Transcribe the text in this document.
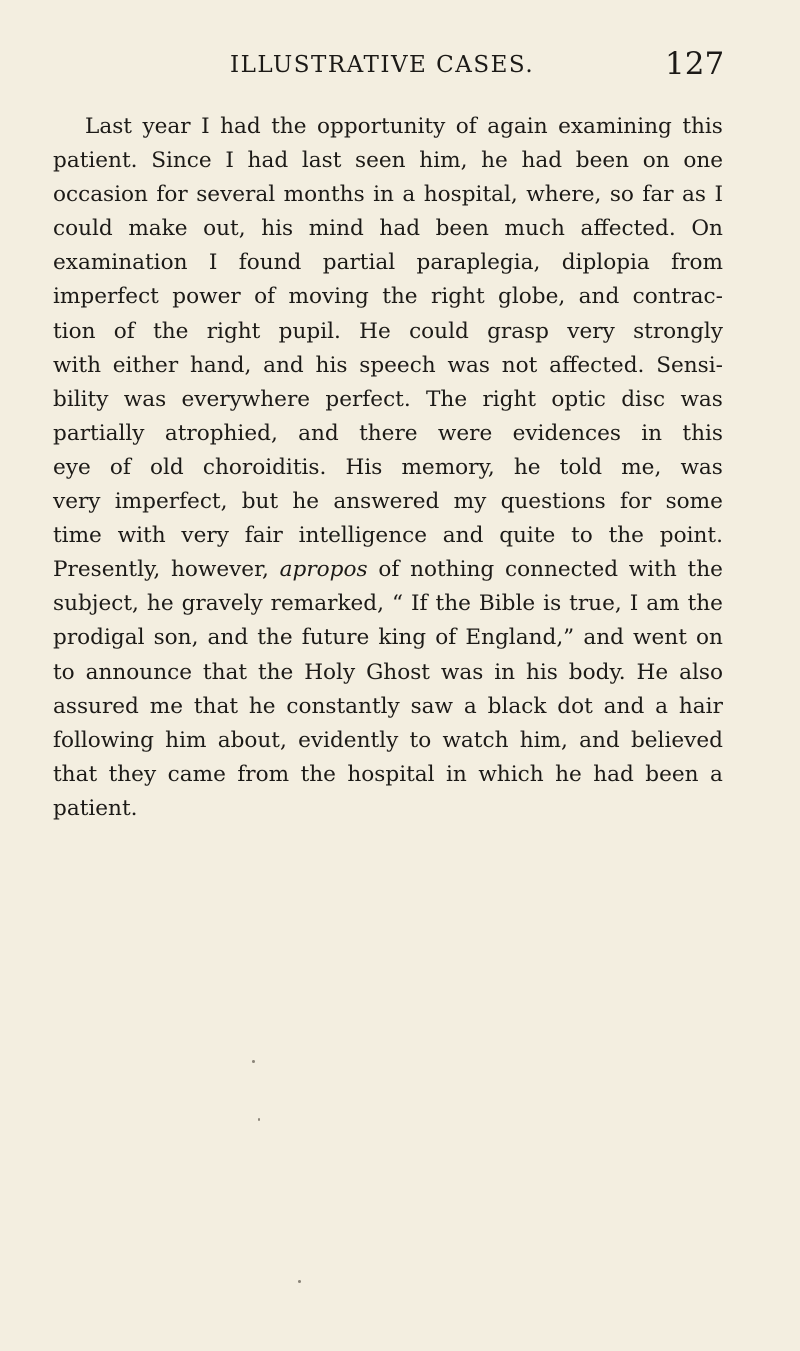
ILLUSTRATIVE CASES.	127
Last year I had the opportunity of again examining this
patient. Since I had last seen him, he had been on one
occasion for several months in a hospital, where, so far as I
could make out, his mind had been much affected. On
examination I found partial paraplegia, diplopia from
imperfect power of moving the right globe, and contrac-
tion of the right pupil. He could grasp very strongly
with either hand, and his speech was not affected. Sensi-
bility was everywhere perfect. The right optic disc was
partially atrophied, and there were evidences in this
eye of old choroiditis. His memory, he told me, was
very imperfect, but he answered my questions for some
time with very fair intelligence and quite to the point.
Presently, however, apropos of nothing connected with the
subject, he gravely remarked, “ If the Bible is true, I am the
prodigal son, and the future king of England,” and went on
to announce that the Holy Ghost was in his body. He also
assured me that he constantly saw a black dot and a hair
following him about, evidently to watch him, and believed
that they came from the hospital in which he had been a
patient.
